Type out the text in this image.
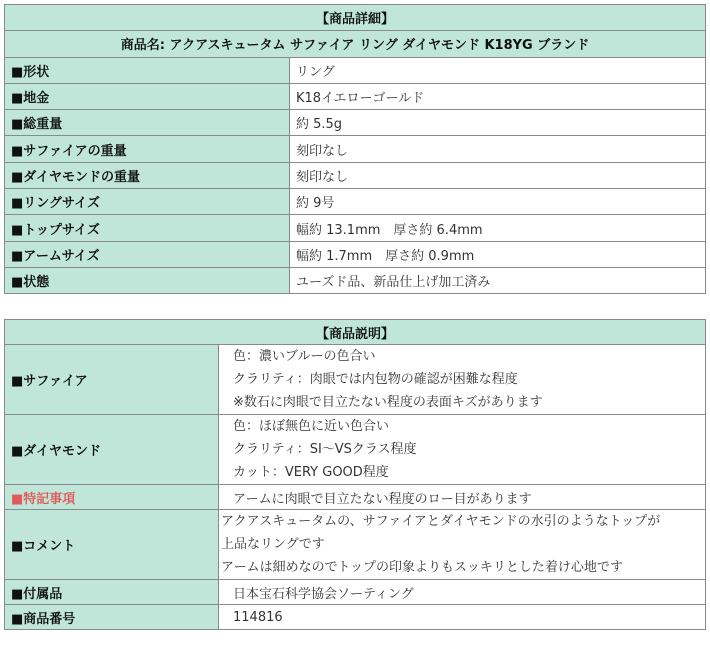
【商品詳細】	
商品名: アクアスキュータム サファイア リング ダイヤモンド K18YG ブランド	
■形状	リング
■地金	K18イエローゴールド
■総重量	約 5.5g
■サファイアの重量	刻印なし
■ダイヤモンドの重量	刻印なし
■リングサイズ	約 9号
■トップサイズ	幅約 13.1mm　厚さ約 6.4mm
■アームサイズ	幅約 1.7mm　厚さ約 0.9mm
■状態	ユーズド品、新品仕上げ加工済み
【商品説明】	
■サファイア	色：濃いブルーの色合い
クラリティ：肉眼では内包物の確認が困難な程度
※数石に肉眼で目立たない程度の表面キズがあります

■ダイヤモンド	色：ほぼ無色に近い色合い
クラリティ：SI～VSクラス程度
カット：VERY GOOD程度

■特記事項	アームに肉眼で目立たない程度のロー目があります
■コメント	アクアスキュータムの、サファイアとダイヤモンドの水引のようなトップが
上品なリングです
アームは細めなのでトップの印象よりもスッキリとした着け心地です

■付属品	日本宝石科学協会ソーティング
■商品番号	114816
